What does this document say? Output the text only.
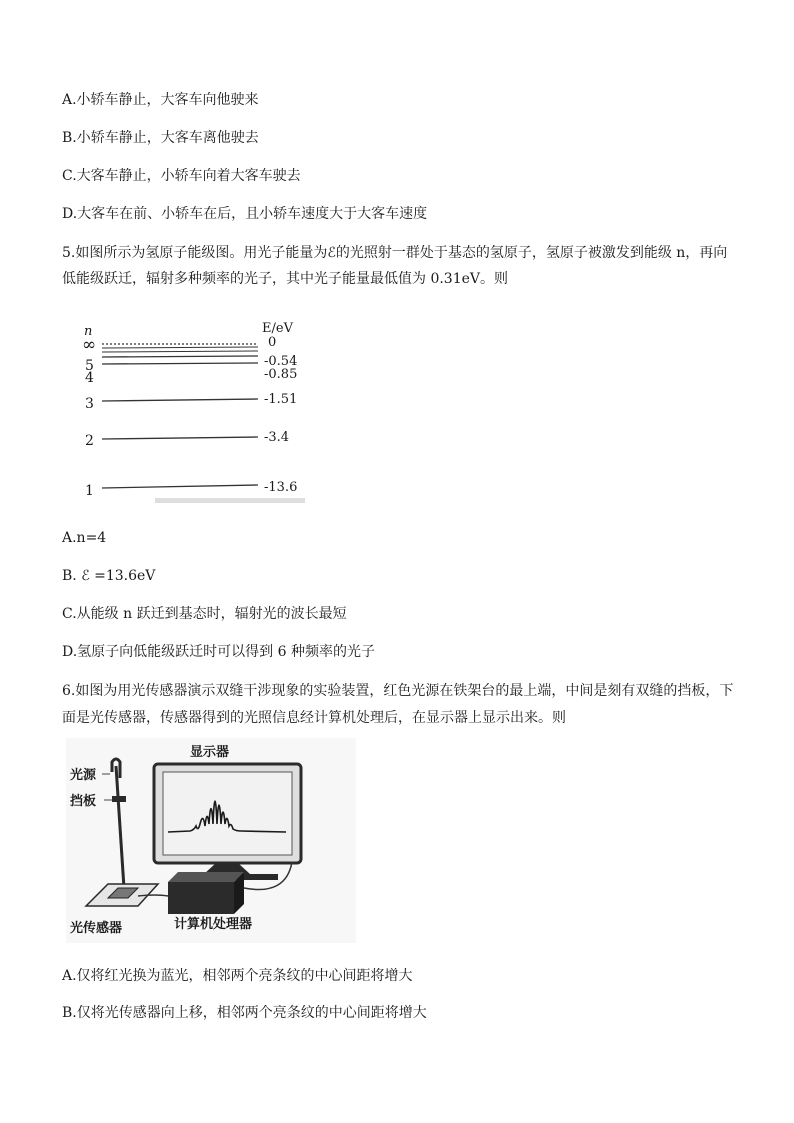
A.小轿车静止，大客车向他驶来
B.小轿车静止，大客车离他驶去
C.大客车静止，小轿车向着大客车驶去
D.大客车在前、小轿车在后，且小轿车速度大于大客车速度
5.如图所示为氢原子能级图。用光子能量为ℰ的光照射一群处于基态的氢原子，氢原子被激发到能级 n，再向
低能级跃迁，辐射多种频率的光子，其中光子能量最低值为 0.31eV。则
n	E/eV
∞
5
4
3
2
1
0
-0.54
-0.85
-1.51
-3.4
-13.6
A.n=4
B. ℰ =13.6eV
C.从能级 n 跃迁到基态时，辐射光的波长最短
D.氢原子向低能级跃迁时可以得到 6 种频率的光子
6.如图为用光传感器演示双缝干涉现象的实验装置，红色光源在铁架台的最上端，中间是刻有双缝的挡板，下
面是光传感器，传感器得到的光照信息经计算机处理后，在显示器上显示出来。则
显示器
光源
挡板
光传感器	计算机处理器
A.仅将红光换为蓝光，相邻两个亮条纹的中心间距将增大
B.仅将光传感器向上移，相邻两个亮条纹的中心间距将增大
